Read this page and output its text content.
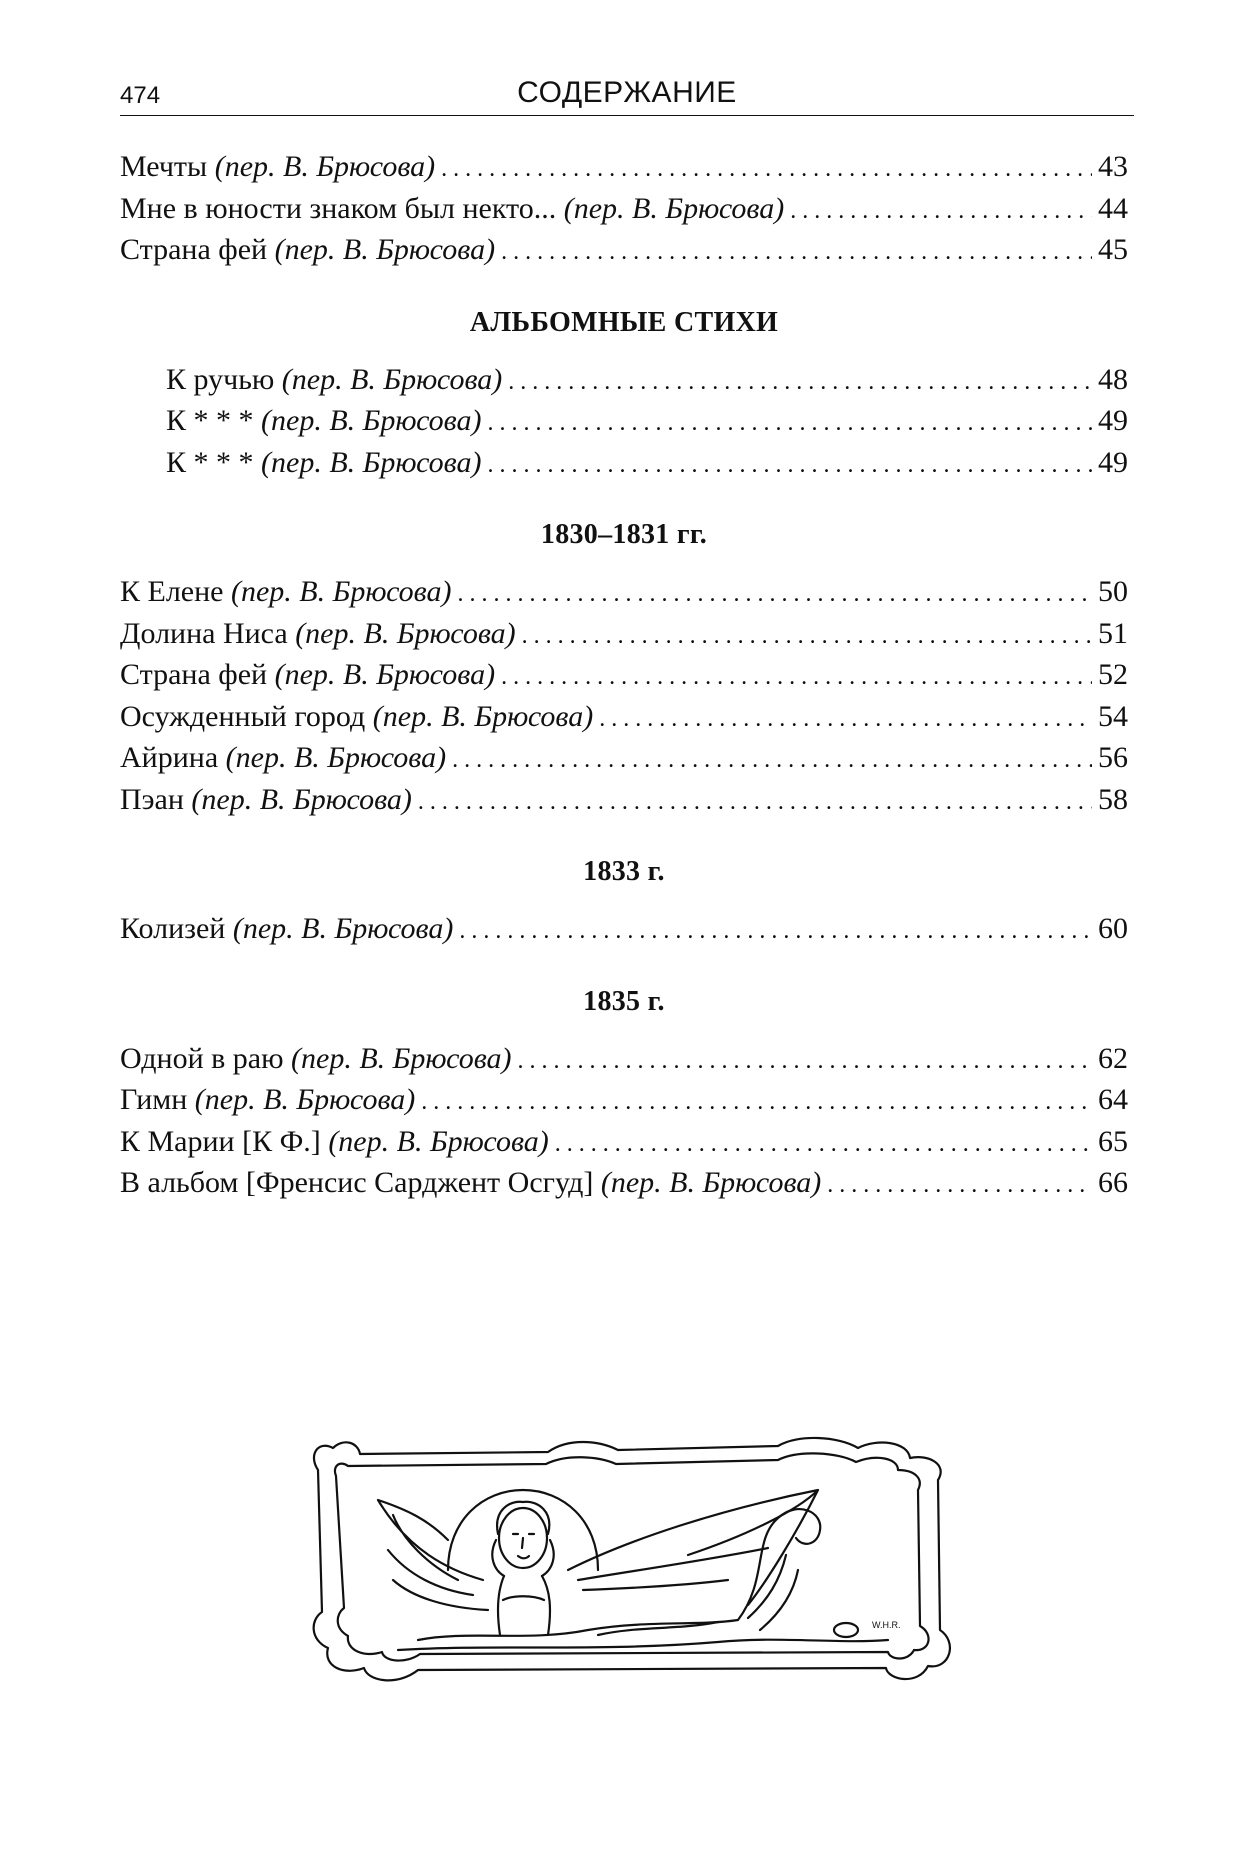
474	СОДЕРЖАНИЕ
Мечты (пер. В. Брюсова) . . .	43
Мне в юности знаком был некто... (пер. В. Брюсова) . . .	44
Страна фей (пер. В. Брюсова) . . .	45
АЛЬБОМНЫЕ СТИХИ
К ручью (пер. В. Брюсова) . . .	48
К * * * (пер. В. Брюсова) . . .	49
К * * * (пер. В. Брюсова) . . .	49
1830–1831 гг.
К Елене (пер. В. Брюсова) . . .	50
Долина Ниса (пер. В. Брюсова) . . .	51
Страна фей (пер. В. Брюсова) . . .	52
Осужденный город (пер. В. Брюсова) . . .	54
Айрина (пер. В. Брюсова) . . .	56
Пэан (пер. В. Брюсова) . . .	58
1833 г.
Колизей (пер. В. Брюсова) . . .	60
1835 г.
Одной в раю (пер. В. Брюсова) . . .	62
Гимн (пер. В. Брюсова) . . .	64
К Марии [К Ф.] (пер. В. Брюсова) . . .	65
В альбом [Френсис Сарджент Осгуд] (пер. В. Брюсова) . . .	66
W.H.R.
